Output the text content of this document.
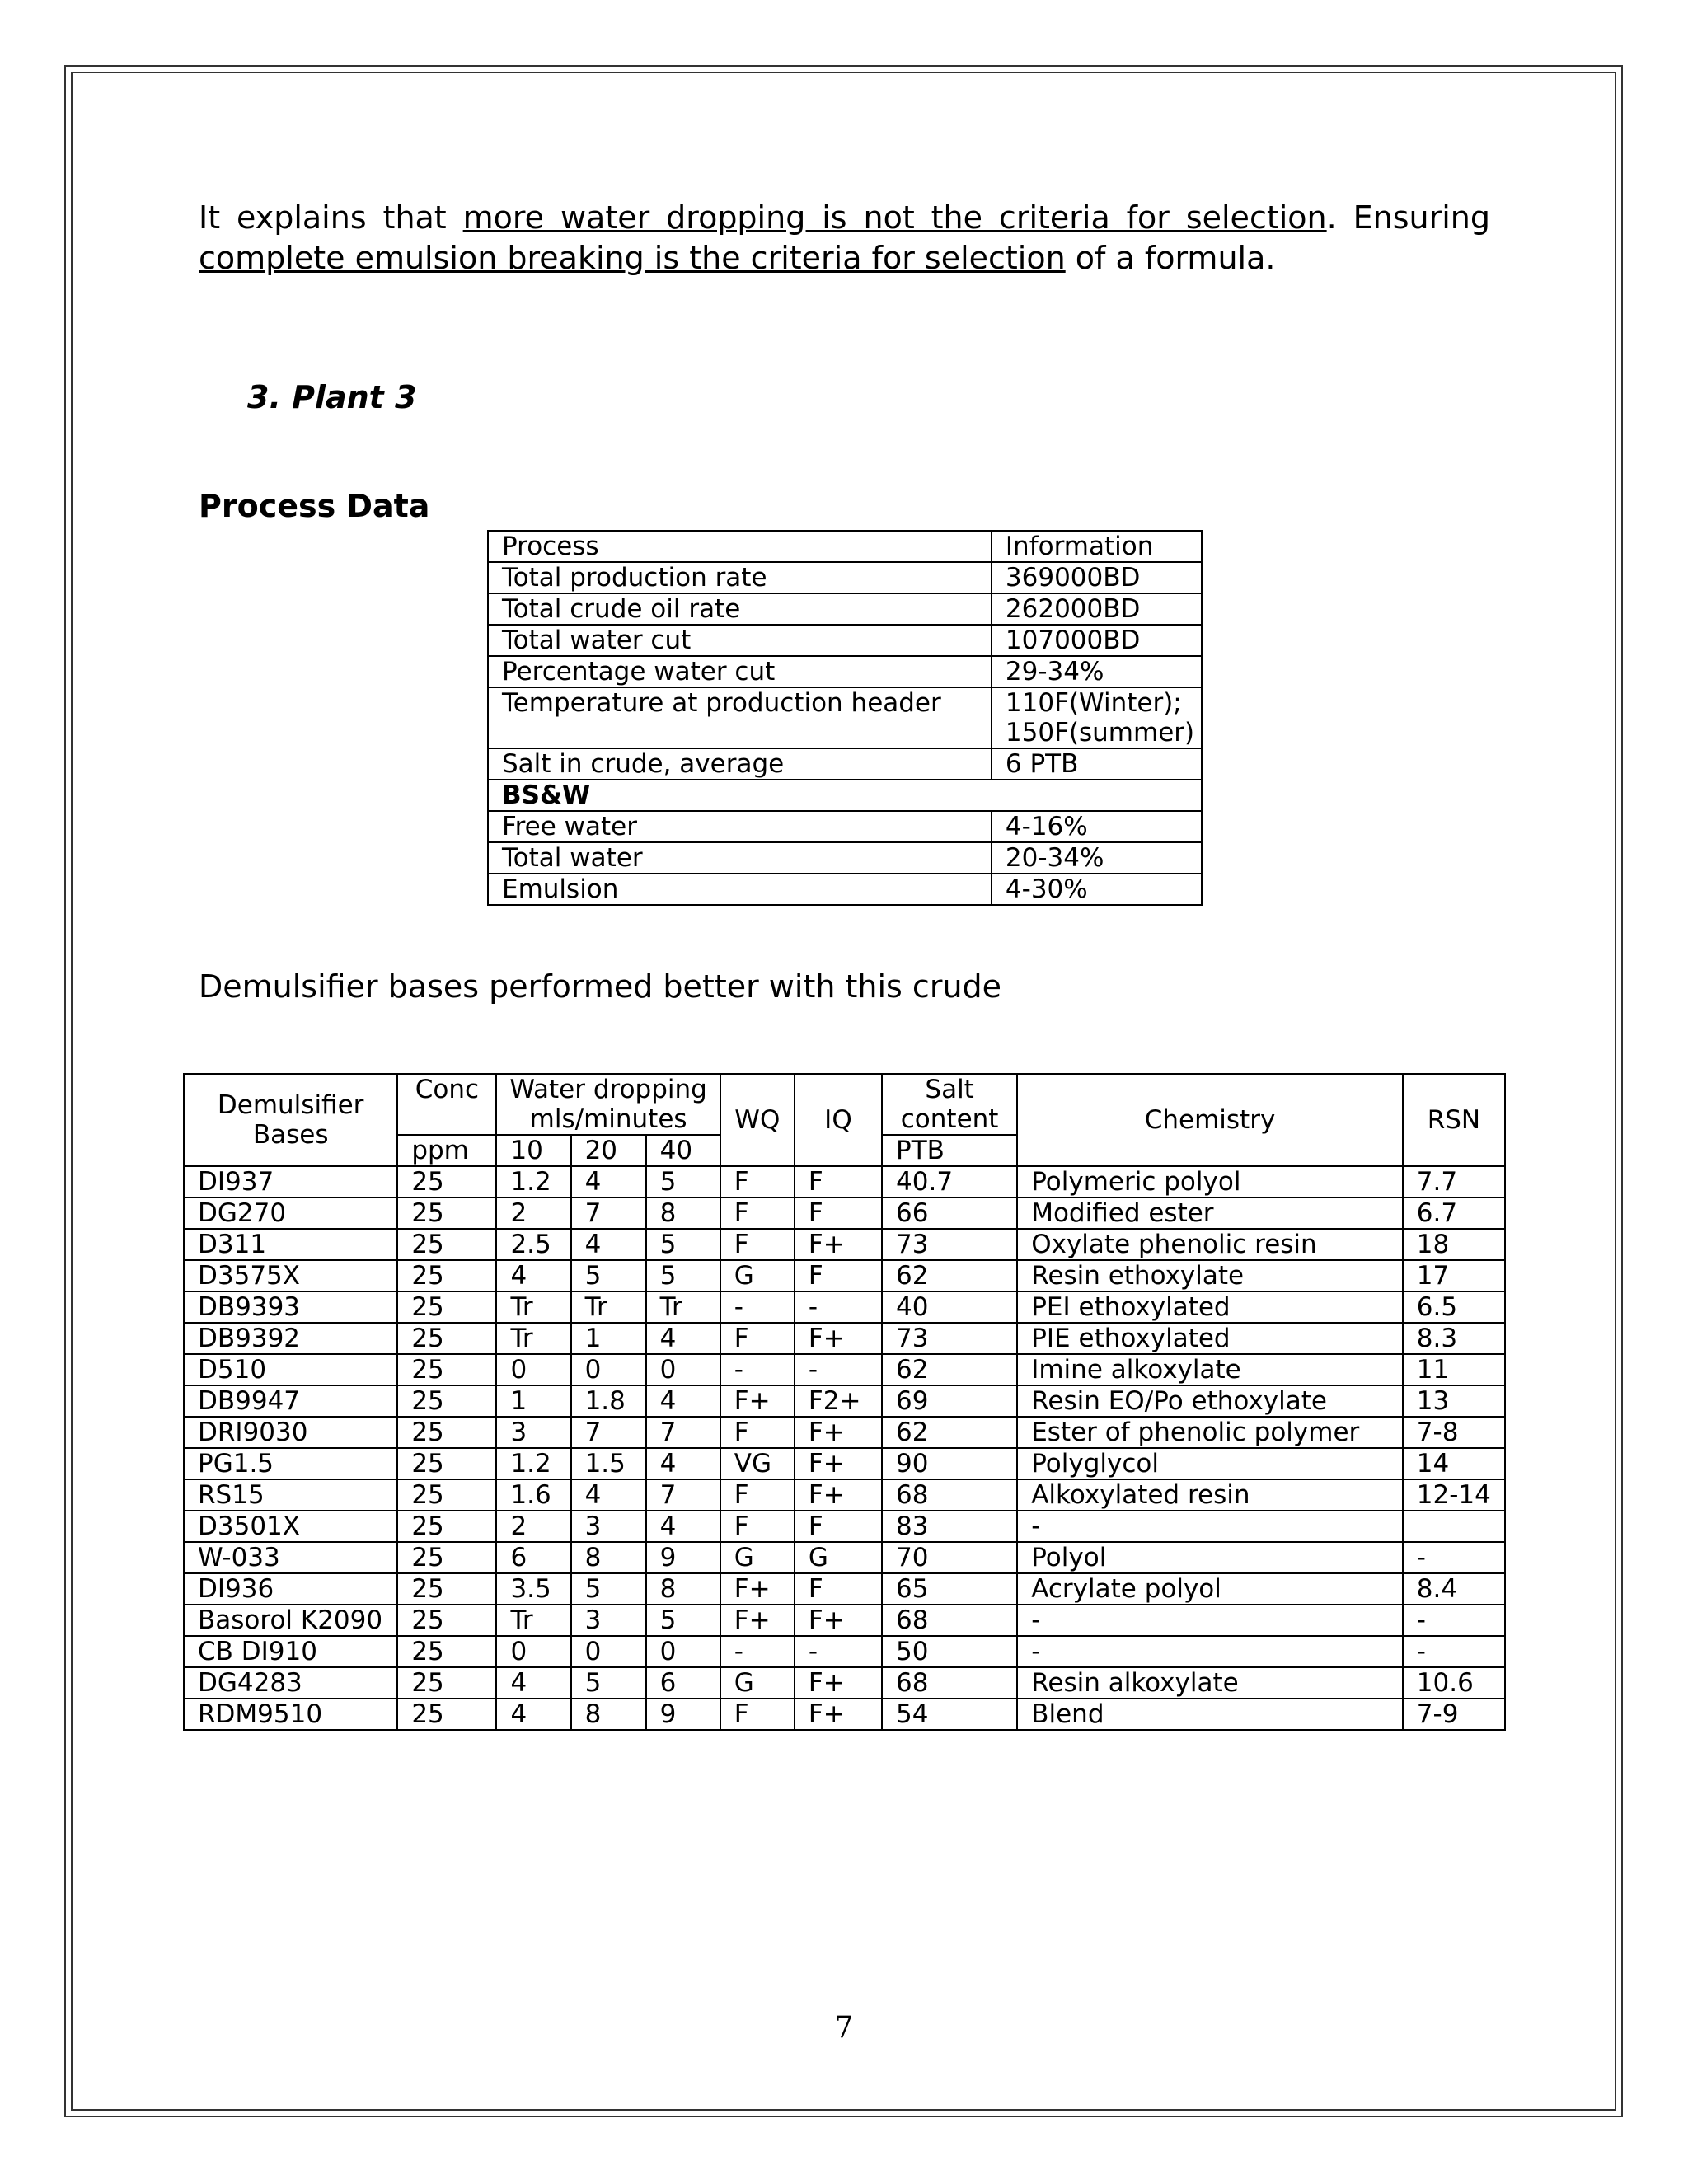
It explains that more water dropping is not the criteria for selection. Ensuring complete emulsion breaking is the criteria for selection of a formula.

3. Plant 3

Process Data

Process	Information
Total production rate	369000BD
Total crude oil rate	262000BD
Total water cut	107000BD
Percentage water cut	29-34%
Temperature at production header	110F(Winter); 150F(summer)
Salt in crude, average	6 PTB
BS&W	
Free water	4-16%
Total water	20-34%
Emulsion	4-30%

Demulsifier bases performed better with this crude

Demulsifier Bases	Conc	Water dropping mls/minutes			WQ	IQ	Salt content	Chemistry	RSN
	ppm	10	20	40			PTB		
DI937	25	1.2	4	5	F	F	40.7	Polymeric polyol	7.7
DG270	25	2	7	8	F	F	66	Modified ester	6.7
D311	25	2.5	4	5	F	F+	73	Oxylate phenolic resin	18
D3575X	25	4	5	5	G	F	62	Resin ethoxylate	17
DB9393	25	Tr	Tr	Tr	-	-	40	PEI ethoxylated	6.5
DB9392	25	Tr	1	4	F	F+	73	PIE ethoxylated	8.3
D510	25	0	0	0	-	-	62	Imine alkoxylate	11
DB9947	25	1	1.8	4	F+	F2+	69	Resin EO/Po ethoxylate	13
DRI9030	25	3	7	7	F	F+	62	Ester of phenolic polymer	7-8
PG1.5	25	1.2	1.5	4	VG	F+	90	Polyglycol	14
RS15	25	1.6	4	7	F	F+	68	Alkoxylated resin	12-14
D3501X	25	2	3	4	F	F	83	-	
W-033	25	6	8	9	G	G	70	Polyol	-
DI936	25	3.5	5	8	F+	F	65	Acrylate polyol	8.4
Basorol K2090	25	Tr	3	5	F+	F+	68	-	-
CB DI910	25	0	0	0	-	-	50	-	-
DG4283	25	4	5	6	G	F+	68	Resin alkoxylate	10.6
RDM9510	25	4	8	9	F	F+	54	Blend	7-9

7
